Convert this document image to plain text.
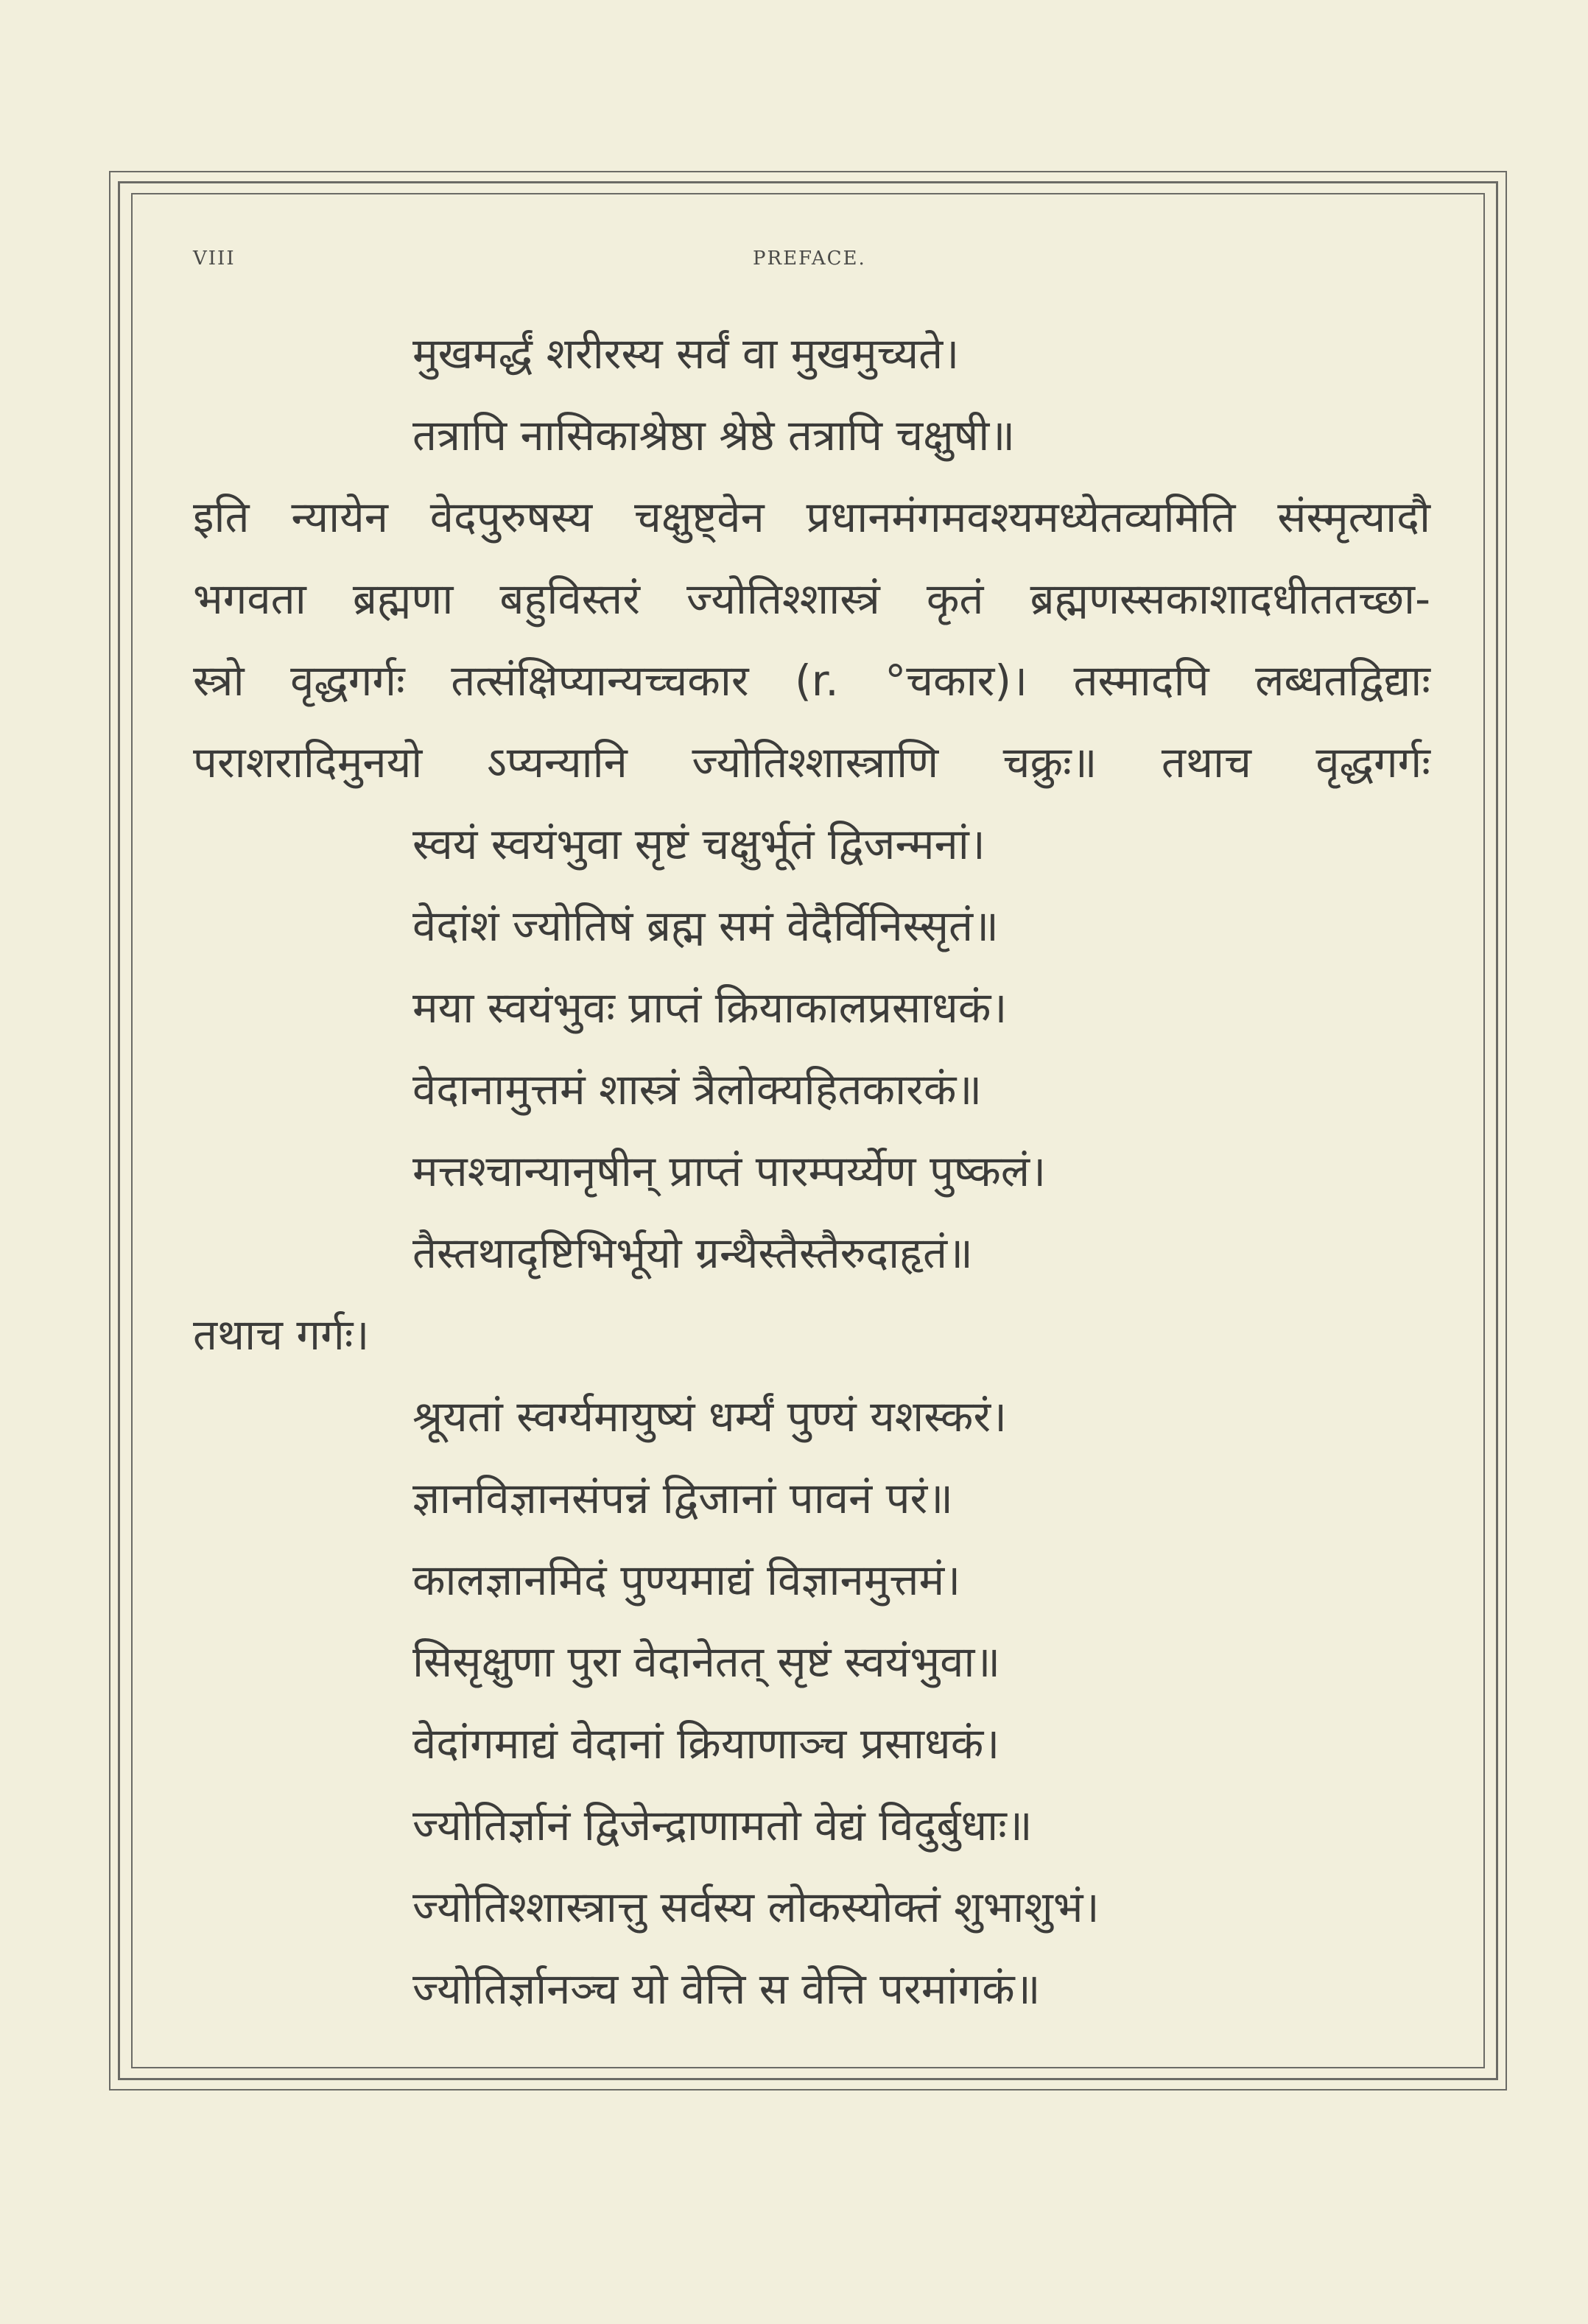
VIII	PREFACE.
मुखमर्द्धं शरीरस्य सर्वं वा मुखमुच्यते।
तत्रापि नासिकाश्रेष्ठा श्रेष्ठे तत्रापि चक्षुषी॥
इति न्यायेन वेदपुरुषस्य चक्षुष्ट्वेन प्रधानमंगमवश्यमध्येतव्यमिति संस्मृत्यादौ
भगवता ब्रह्मणा बहुविस्तरं ज्योतिश्शास्त्रं कृतं ब्रह्मणस्सकाशादधीततच्छा-
स्त्रो वृद्धगर्गः तत्संक्षिप्यान्यच्चकार (r. °चकार)। तस्मादपि लब्धतद्विद्याः
पराशरादिमुनयो ऽप्यन्यानि ज्योतिश्शास्त्राणि चक्रुः॥ तथाच वृद्धगर्गः
स्वयं स्वयंभुवा सृष्टं चक्षुर्भूतं द्विजन्मनां।
वेदांशं ज्योतिषं ब्रह्म समं वेदैर्विनिस्सृतं॥
मया स्वयंभुवः प्राप्तं क्रियाकालप्रसाधकं।
वेदानामुत्तमं शास्त्रं त्रैलोक्यहितकारकं॥
मत्तश्चान्यानृषीन् प्राप्तं पारम्पर्य्येण पुष्कलं।
तैस्तथादृष्टिभिर्भूयो ग्रन्थैस्तैस्तैरुदाहृतं॥
तथाच गर्गः।
श्रूयतां स्वर्ग्यमायुष्यं धर्म्यं पुण्यं यशस्करं।
ज्ञानविज्ञानसंपन्नं द्विजानां पावनं परं॥
कालज्ञानमिदं पुण्यमाद्यं विज्ञानमुत्तमं।
सिसृक्षुणा पुरा वेदानेतत् सृष्टं स्वयंभुवा॥
वेदांगमाद्यं वेदानां क्रियाणाञ्च प्रसाधकं।
ज्योतिर्ज्ञानं द्विजेन्द्राणामतो वेद्यं विदुर्बुधाः॥
ज्योतिश्शास्त्रात्तु सर्वस्य लोकस्योक्तं शुभाशुभं।
ज्योतिर्ज्ञानञ्च यो वेत्ति स वेत्ति परमांगकं॥
